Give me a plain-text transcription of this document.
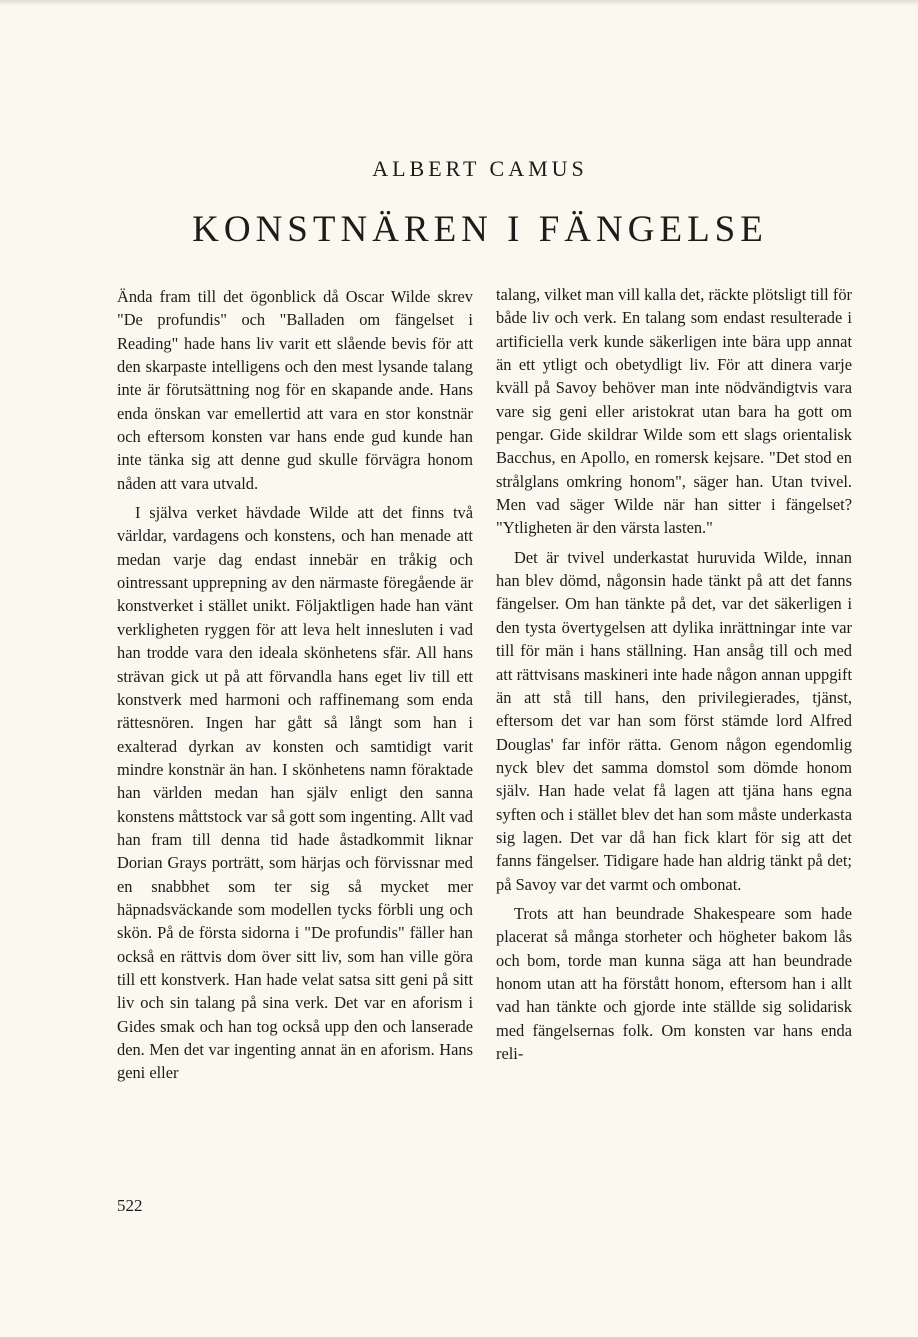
ALBERT CAMUS
KONSTNÄREN I FÄNGELSE

Ända fram till det ögonblick då Oscar Wilde skrev "De profundis" och "Balladen om fängelset i Reading" hade hans liv varit ett slående bevis för att den skarpaste intelligens och den mest lysande talang inte är förutsättning nog för en skapande ande. Hans enda önskan var emellertid att vara en stor konstnär och eftersom konsten var hans ende gud kunde han inte tänka sig att denne gud skulle förvägra honom nåden att vara utvald.

I själva verket hävdade Wilde att det finns två världar, vardagens och konstens, och han menade att medan varje dag endast innebär en tråkig och ointressant upprepning av den närmaste föregående är konstverket i stället unikt. Följaktligen hade han vänt verkligheten ryggen för att leva helt innesluten i vad han trodde vara den ideala skönhetens sfär. All hans strävan gick ut på att förvandla hans eget liv till ett konstverk med harmoni och raffinemang som enda rättesnören. Ingen har gått så långt som han i exalterad dyrkan av konsten och samtidigt varit mindre konstnär än han. I skönhetens namn föraktade han världen medan han själv enligt den sanna konstens måttstock var så gott som ingenting. Allt vad han fram till denna tid hade åstadkommit liknar Dorian Grays porträtt, som härjas och förvissnar med en snabbhet som ter sig så mycket mer häpnadsväckande som modellen tycks förbli ung och skön. På de första sidorna i "De profundis" fäller han också en rättvis dom över sitt liv, som han ville göra till ett konstverk. Han hade velat satsa sitt geni på sitt liv och sin talang på sina verk. Det var en aforism i Gides smak och han tog också upp den och lanserade den. Men det var ingenting annat än en aforism. Hans geni eller

talang, vilket man vill kalla det, räckte plötsligt till för både liv och verk. En talang som endast resulterade i artificiella verk kunde säkerligen inte bära upp annat än ett ytligt och obetydligt liv. För att dinera varje kväll på Savoy behöver man inte nödvändigtvis vara vare sig geni eller aristokrat utan bara ha gott om pengar. Gide skildrar Wilde som ett slags orientalisk Bacchus, en Apollo, en romersk kejsare. "Det stod en strålglans omkring honom", säger han. Utan tvivel. Men vad säger Wilde när han sitter i fängelset? "Ytligheten är den värsta lasten."

Det är tvivel underkastat huruvida Wilde, innan han blev dömd, någonsin hade tänkt på att det fanns fängelser. Om han tänkte på det, var det säkerligen i den tysta övertygelsen att dylika inrättningar inte var till för män i hans ställning. Han ansåg till och med att rättvisans maskineri inte hade någon annan uppgift än att stå till hans, den privilegierades, tjänst, eftersom det var han som först stämde lord Alfred Douglas' far inför rätta. Genom någon egendomlig nyck blev det samma domstol som dömde honom själv. Han hade velat få lagen att tjäna hans egna syften och i stället blev det han som måste underkasta sig lagen. Det var då han fick klart för sig att det fanns fängelser. Tidigare hade han aldrig tänkt på det; på Savoy var det varmt och ombonat.

Trots att han beundrade Shakespeare som hade placerat så många storheter och högheter bakom lås och bom, torde man kunna säga att han beundrade honom utan att ha förstått honom, eftersom han i allt vad han tänkte och gjorde inte ställde sig solidarisk med fängelsernas folk. Om konsten var hans enda reli-

522
